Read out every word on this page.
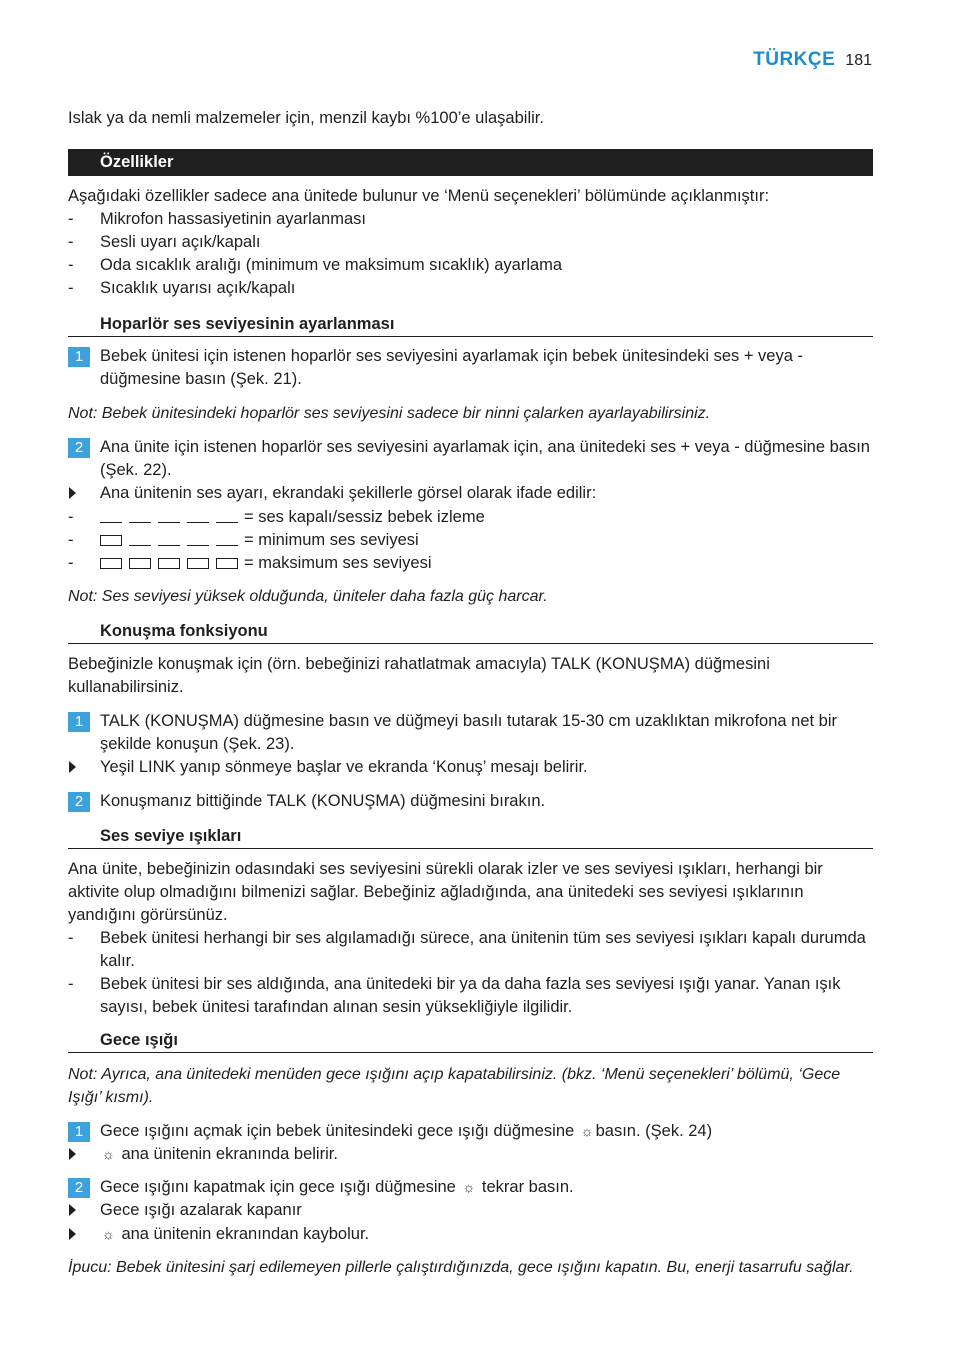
TÜRKÇE 181

Islak ya da nemli malzemeler için, menzil kaybı %100’e ulaşabilir.

Özellikler

Aşağıdaki özellikler sadece ana ünitede bulunur ve ‘Menü seçenekleri’ bölümünde açıklanmıştır:

-	Mikrofon hassasiyetinin ayarlanması
-	Sesli uyarı açık/kapalı
-	Oda sıcaklık aralığı (minimum ve maksimum sıcaklık) ayarlama
-	Sıcaklık uyarısı açık/kapalı
Hoparlör ses seviyesinin ayarlanması
1	Bebek ünitesi için istenen hoparlör ses seviyesini ayarlamak için bebek ünitesindeki ses + veya - düğmesine basın (Şek. 21).

Not: Bebek ünitesindeki hoparlör ses seviyesini sadece bir ninni çalarken ayarlayabilirsiniz.

2	Ana ünite için istenen hoparlör ses seviyesini ayarlamak için, ana ünitedeki ses + veya - düğmesine basın (Şek. 22).
Ana ünitenin ses ayarı, ekrandaki şekillerle görsel olarak ifade edilir:
-	= ses kapalı/sessiz bebek izleme
-	= minimum ses seviyesi
-	= maksimum ses seviyesi

Not: Ses seviyesi yüksek olduğunda, üniteler daha fazla güç harcar.

Konuşma fonksiyonu

Bebeğinizle konuşmak için (örn. bebeğinizi rahatlatmak amacıyla) TALK (KONUŞMA) düğmesini kullanabilirsiniz.

1	TALK (KONUŞMA) düğmesine basın ve düğmeyi basılı tutarak 15-30 cm uzaklıktan mikrofona net bir şekilde konuşun (Şek. 23).
Yeşil LINK yanıp sönmeye başlar ve ekranda ‘Konuş’ mesajı belirir.
2	Konuşmanız bittiğinde TALK (KONUŞMA) düğmesini bırakın.
Ses seviye ışıkları

Ana ünite, bebeğinizin odasındaki ses seviyesini sürekli olarak izler ve ses seviyesi ışıkları, herhangi bir aktivite olup olmadığını bilmenizi sağlar. Bebeğiniz ağladığında, ana ünitedeki ses seviyesi ışıklarının yandığını görürsünüz.

-	Bebek ünitesi herhangi bir ses algılamadığı sürece, ana ünitenin tüm ses seviyesi ışıkları kapalı durumda kalır.
-	Bebek ünitesi bir ses aldığında, ana ünitedeki bir ya da daha fazla ses seviyesi ışığı yanar. Yanan ışık sayısı, bebek ünitesi tarafından alınan sesin yüksekliğiyle ilgilidir.
Gece ışığı

Not: Ayrıca, ana ünitedeki menüden gece ışığını açıp kapatabilirsiniz. (bkz. ‘Menü seçenekleri’ bölümü, ‘Gece Işığı’ kısmı).

1	Gece ışığını açmak için bebek ünitesindeki gece ışığı düğmesine ☼ basın. (Şek. 24)
☼ ana ünitenin ekranında belirir.
2	Gece ışığını kapatmak için gece ışığı düğmesine ☼ tekrar basın.
Gece ışığı azalarak kapanır
☼ ana ünitenin ekranından kaybolur.

İpucu: Bebek ünitesini şarj edilemeyen pillerle çalıştırdığınızda, gece ışığını kapatın. Bu, enerji tasarrufu sağlar.
